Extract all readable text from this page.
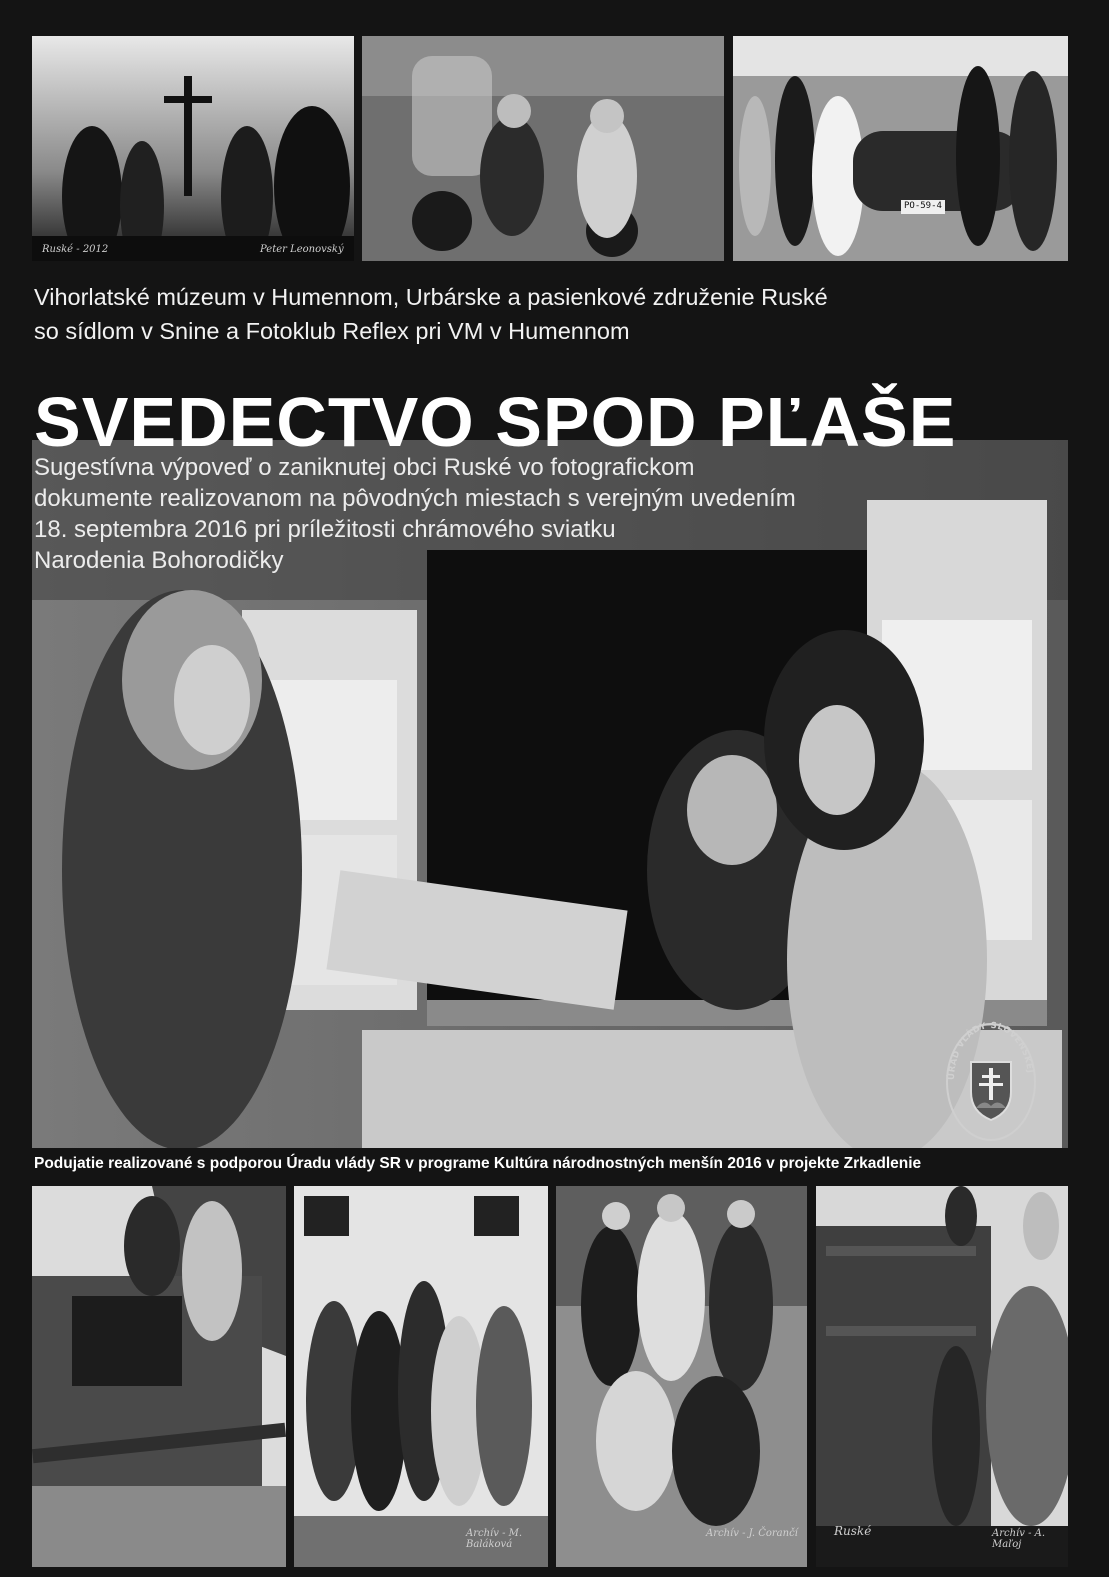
Ruské - 2012	Peter Leonovský
PO-59-4
Vihorlatské múzeum v Humennom, Urbárske a pasienkové združenie Ruské
so sídlom v Snine a Fotoklub Reflex pri VM v Humennom
SVEDECTVO SPOD PĽAŠE
Sugestívna výpoveď o zaniknutej obci Ruské vo fotografickom
dokumente realizovanom na pôvodných miestach s verejným uvedením
18. septembra 2016 pri príležitosti chrámového sviatku
Narodenia Bohorodičky
ÚRAD VLÁDY SLOVENSKEJ
Podujatie realizované s podporou Úradu vlády SR v programe Kultúra národnostných menšín 2016 v projekte Zrkadlenie
Archív - M. Baláková
Archív - J. Čorančí	Ruské	Archív - A. Maľoj
